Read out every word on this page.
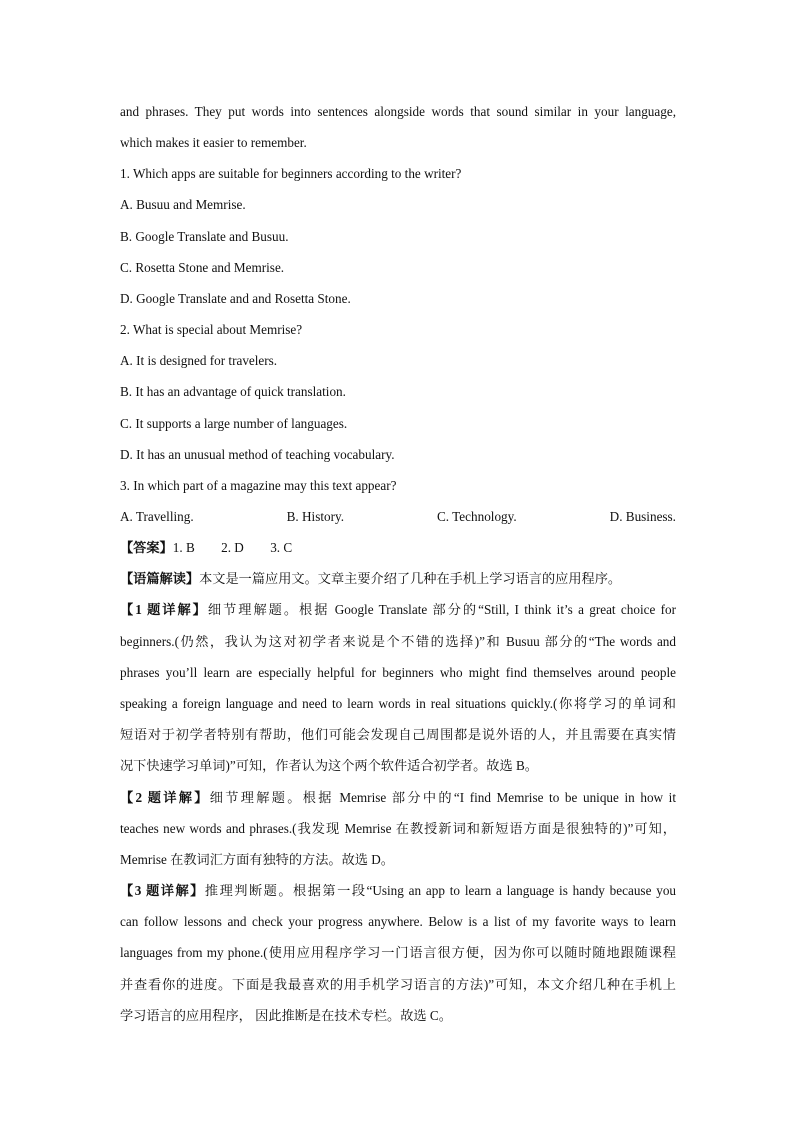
and phrases. They put words into sentences alongside words that sound similar in your language,
which makes it easier to remember.
1. Which apps are suitable for beginners according to the writer?
A. Busuu and Memrise.
B. Google Translate and Busuu.
C. Rosetta Stone and Memrise.
D. Google Translate and and Rosetta Stone.
2. What is special about Memrise?
A. It is designed for travelers.
B. It has an advantage of quick translation.
C. It supports a large number of languages.
D. It has an unusual method of teaching vocabulary.
3. In which part of a magazine may this text appear?
A. Travelling.	B. History.	C. Technology.	D. Business.
【答案】1. B        2. D        3. C
【语篇解读】本文是一篇应用文。文章主要介绍了几种在手机上学习语言的应用程序。
【1 题详解】细节理解题。根据 Google Translate 部分的“Still, I think it’s a great choice for
beginners.(仍然，我认为这对初学者来说是个不错的选择)”和 Busuu 部分的“The words and
phrases you’ll learn are especially helpful for beginners who might find themselves around people
speaking a foreign language and need to learn words in real situations quickly.(你将学习的单词和
短语对于初学者特别有帮助，他们可能会发现自己周围都是说外语的人，并且需要在真实情
况下快速学习单词)”可知，作者认为这个两个软件适合初学者。故选 B。
【2 题详解】细节理解题。根据 Memrise 部分中的“I find Memrise to be unique in how it
teaches new words and phrases.(我发现 Memrise 在教授新词和新短语方面是很独特的)”可知，
Memrise 在教词汇方面有独特的方法。故选 D。
【3 题详解】推理判断题。根据第一段“Using an app to learn a language is handy because you
can follow lessons and check your progress anywhere. Below is a list of my favorite ways to learn
languages from my phone.(使用应用程序学习一门语言很方便，因为你可以随时随地跟随课程
并查看你的进度。下面是我最喜欢的用手机学习语言的方法)”可知，本文介绍几种在手机上
学习语言的应用程序， 因此推断是在技术专栏。故选 C。
